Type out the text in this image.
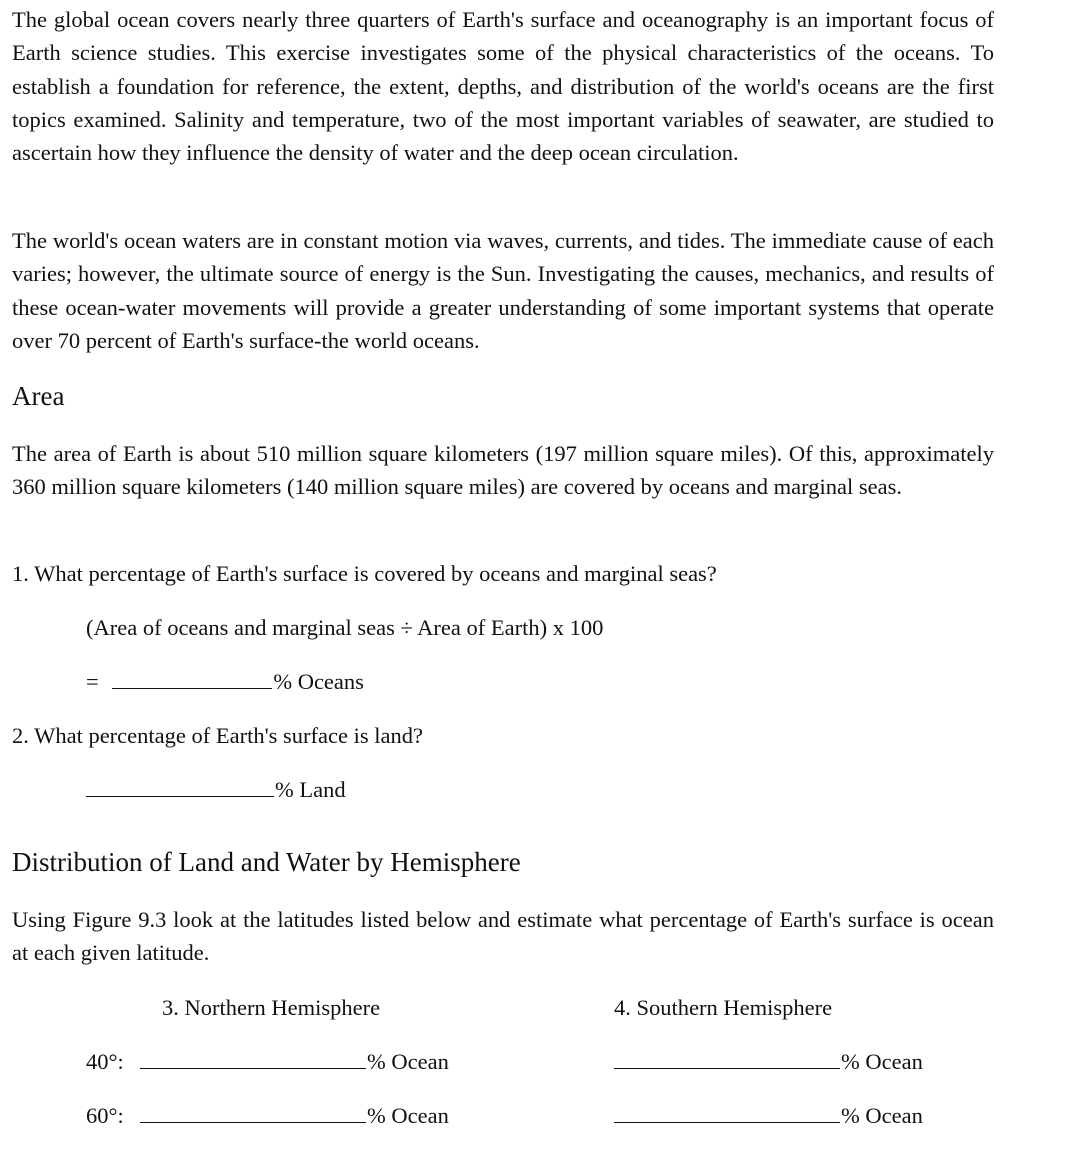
The global ocean covers nearly three quarters of Earth's surface and oceanography is an important focus of Earth science studies. This exercise investigates some of the physical characteristics of the oceans. To establish a foundation for reference, the extent, depths, and distribution of the world's oceans are the first topics examined. Salinity and temperature, two of the most important variables of seawater, are studied to ascertain how they influence the density of water and the deep ocean circulation.

The world's ocean waters are in constant motion via waves, currents, and tides. The immediate cause of each varies; however, the ultimate source of energy is the Sun. Investigating the causes, mechanics, and results of these ocean-water movements will provide a greater understanding of some important systems that operate over 70 percent of Earth's surface-the world oceans.

Area

The area of Earth is about 510 million square kilometers (197 million square miles). Of this, approximately 360 million square kilometers (140 million square miles) are covered by oceans and marginal seas.

1. What percentage of Earth's surface is covered by oceans and marginal seas?
(Area of oceans and marginal seas ÷ Area of Earth) x 100
=	% Oceans
2. What percentage of Earth's surface is land?
% Land
Distribution of Land and Water by Hemisphere

Using Figure 9.3 look at the latitudes listed below and estimate what percentage of Earth's surface is ocean at each given latitude.

3. Northern Hemisphere	4. Southern Hemisphere
40°:	% Ocean	% Ocean
60°:	% Ocean	% Ocean
